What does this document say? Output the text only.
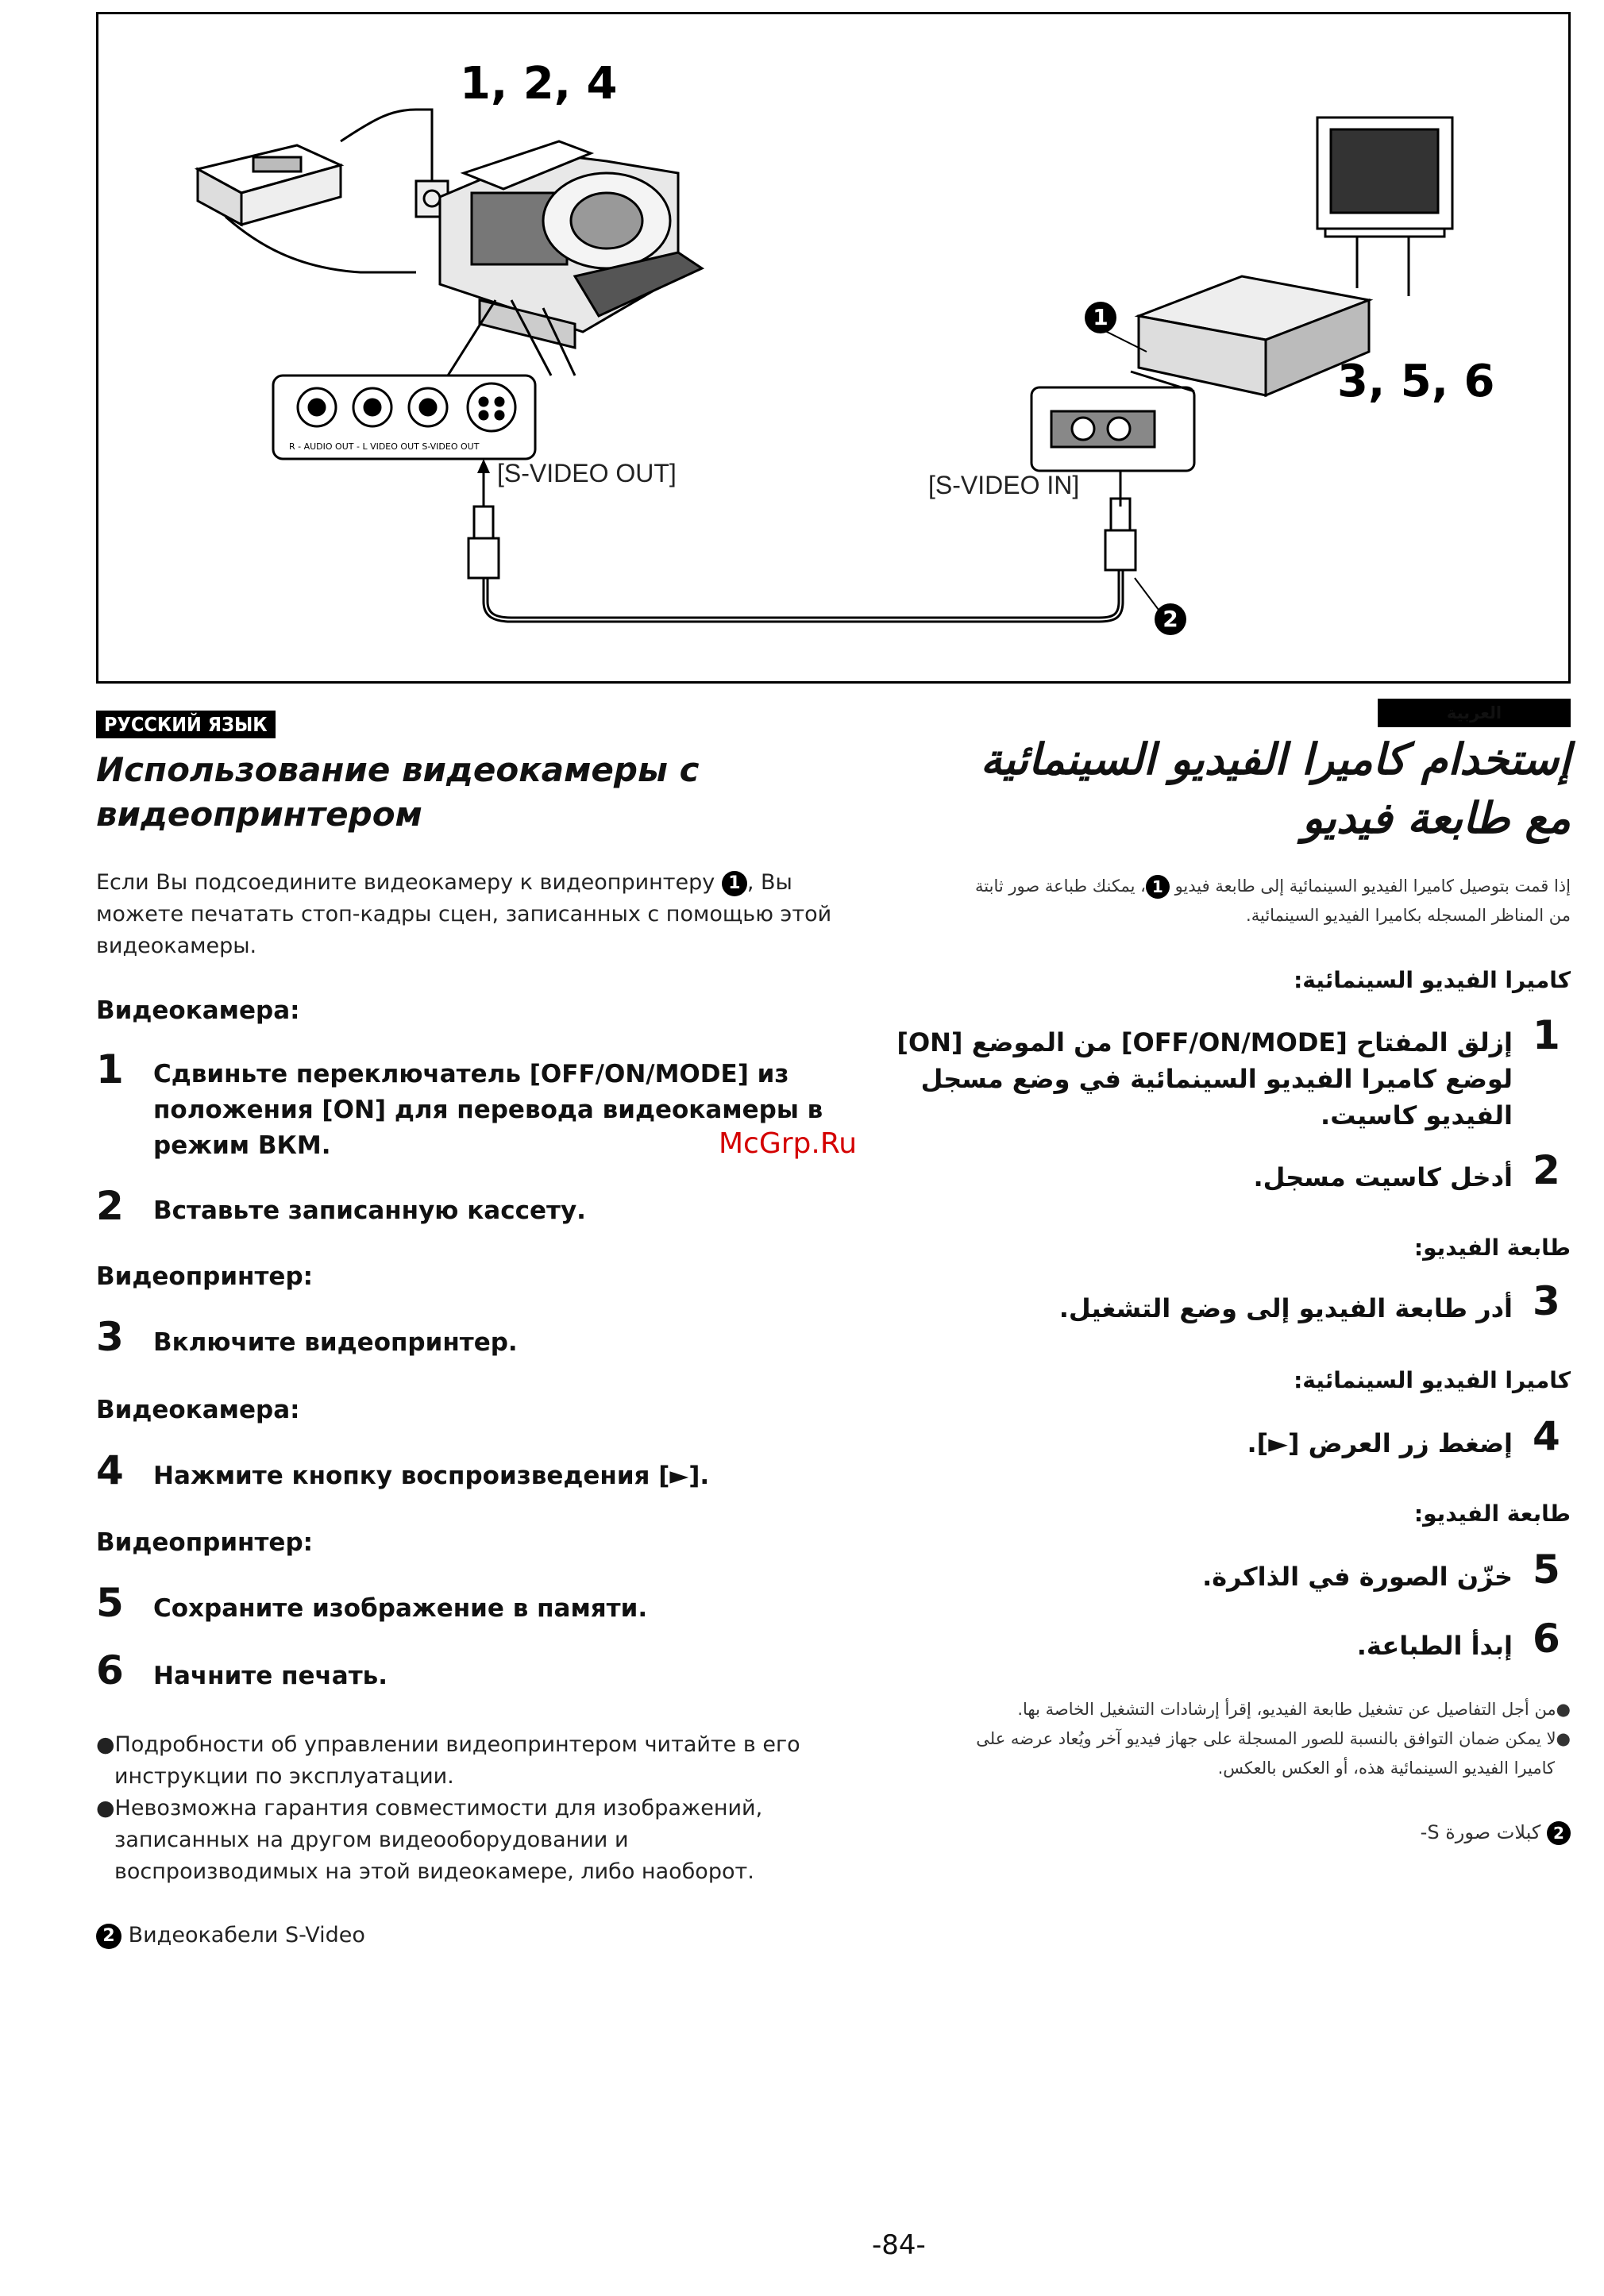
R - AUDIO OUT - L VIDEO OUT S-VIDEO OUT
1, 2, 4
3, 5, 6
[S-VIDEO OUT]	[S-VIDEO IN]
1
2
РУССКИЙ ЯЗЫК
Использование видеокамеры с
видеопринтером
Если Вы подсоедините видеокамеру к видеопринтеру 1 , Вы
можете печатать стоп-кадры сцен, записанных с помощью этой
видеокамеры.
Видеокамера:
1 Сдвиньте переключатель [OFF/ON/MODE] из
положения [ON] для перевода видеокамеры в
режим ВКМ.
2 Вставьте записанную кассету.
Видеопринтер:
3 Включите видеопринтер.
Видеокамера:
4 Нажмите кнопку воспроизведения [►].
Видеопринтер:
5 Сохраните изображение в памяти.
6 Начните печать.
●Подробности об управлении видеопринтером читайте в его
инструкции по эксплуатации.
●Невозможна гарантия совместимости для изображений,
записанных на другом видеооборудовании и
воспроизводимых на этой видеокамере, либо наоборот.
2 Видеокабели S-Video
McGrp.Ru
العربية
إستخدام كاميرا الفيديو السينمائية
مع طابعة فيديو
إذا قمت بتوصيل كاميرا الفيديو السينمائية إلى طابعة فيديو 1، يمكنك طباعة صور ثابتة
من المناظر المسجله بكاميرا الفيديو السينمائية.
كاميرا الفيديو السينمائية:
1
إزلق المفتاح [OFF/ON/MODE] من الموضع [ON]
لوضع كاميرا الفيديو السينمائية في وضع مسجل
الفيديو كاسيت.
2
أدخل كاسيت مسجل.
طابعة الفيديو:
3
أدر طابعة الفيديو إلى وضع التشغيل.
كاميرا الفيديو السينمائية:
4
إضغط زر العرض [►].
طابعة الفيديو:
5
خزّن الصورة في الذاكرة.
6
إبدأ الطباعة.
●من أجل التفاصيل عن تشغيل طابعة الفيديو، إقرأ إرشادات التشغيل الخاصة بها.
●لا يمكن ضمان التوافق بالنسبة للصور المسجلة على جهاز فيديو آخر ويُعاد عرضه على
كاميرا الفيديو السينمائية هذه، أو العكس بالعكس.
2 كبلات صورة S-
-84-
